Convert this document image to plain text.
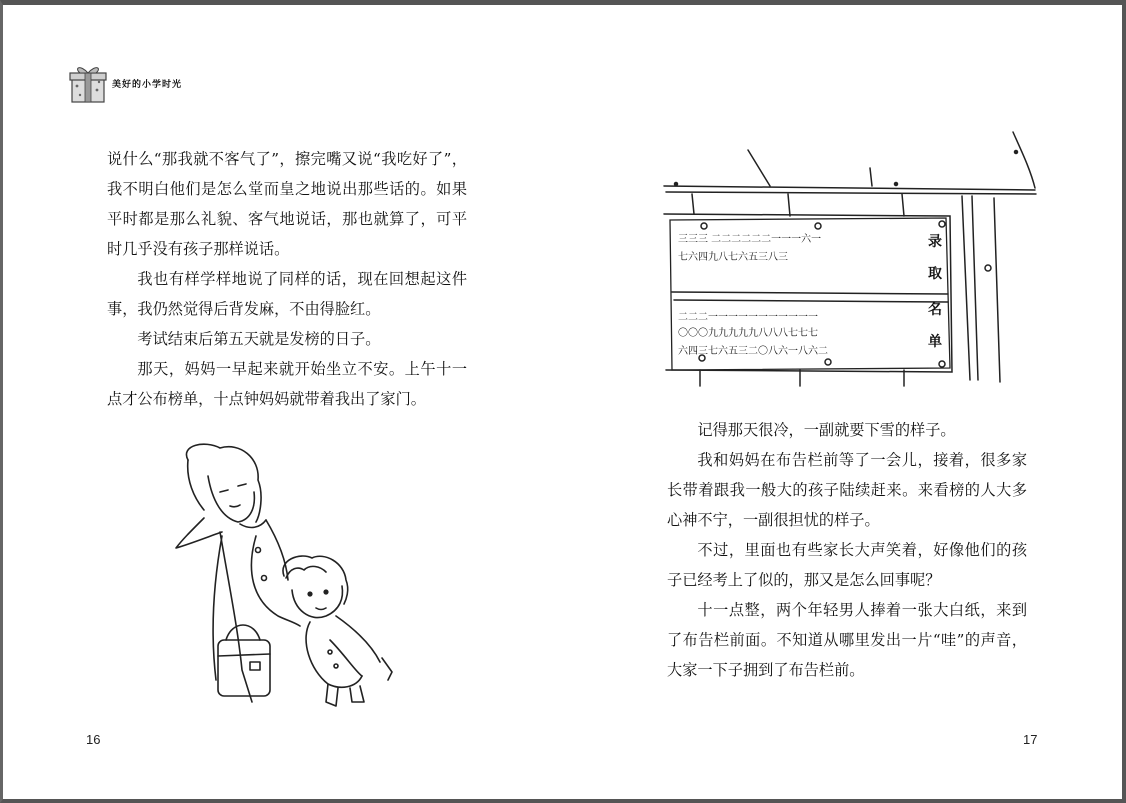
美好的小学时光

说什么“那我就不客气了”，擦完嘴又说“我吃好了”，我不明白他们是怎么堂而皇之地说出那些话的。如果平时都是那么礼貌、客气地说话，那也就算了，可平时几乎没有孩子那样说话。

我也有样学样地说了同样的话，现在回想起这件事，我仍然觉得后背发麻，不由得脸红。

考试结束后第五天就是发榜的日子。

那天，妈妈一早起来就开始坐立不安。上午十一点才公布榜单，十点钟妈妈就带着我出了家门。

三三三 二二二二二二一一一六一
七六四九八七六五三八三
二二二一一一一一一一一一一一
〇〇〇九九九九九八八八七七七
六四三七六五三二〇八六一八六二
录
取
名
单

记得那天很冷，一副就要下雪的样子。

我和妈妈在布告栏前等了一会儿，接着，很多家长带着跟我一般大的孩子陆续赶来。来看榜的人大多心神不宁，一副很担忧的样子。

不过，里面也有些家长大声笑着，好像他们的孩子已经考上了似的，那又是怎么回事呢？

十一点整，两个年轻男人捧着一张大白纸，来到了布告栏前面。不知道从哪里发出一片“哇”的声音，大家一下子拥到了布告栏前。

16	17
